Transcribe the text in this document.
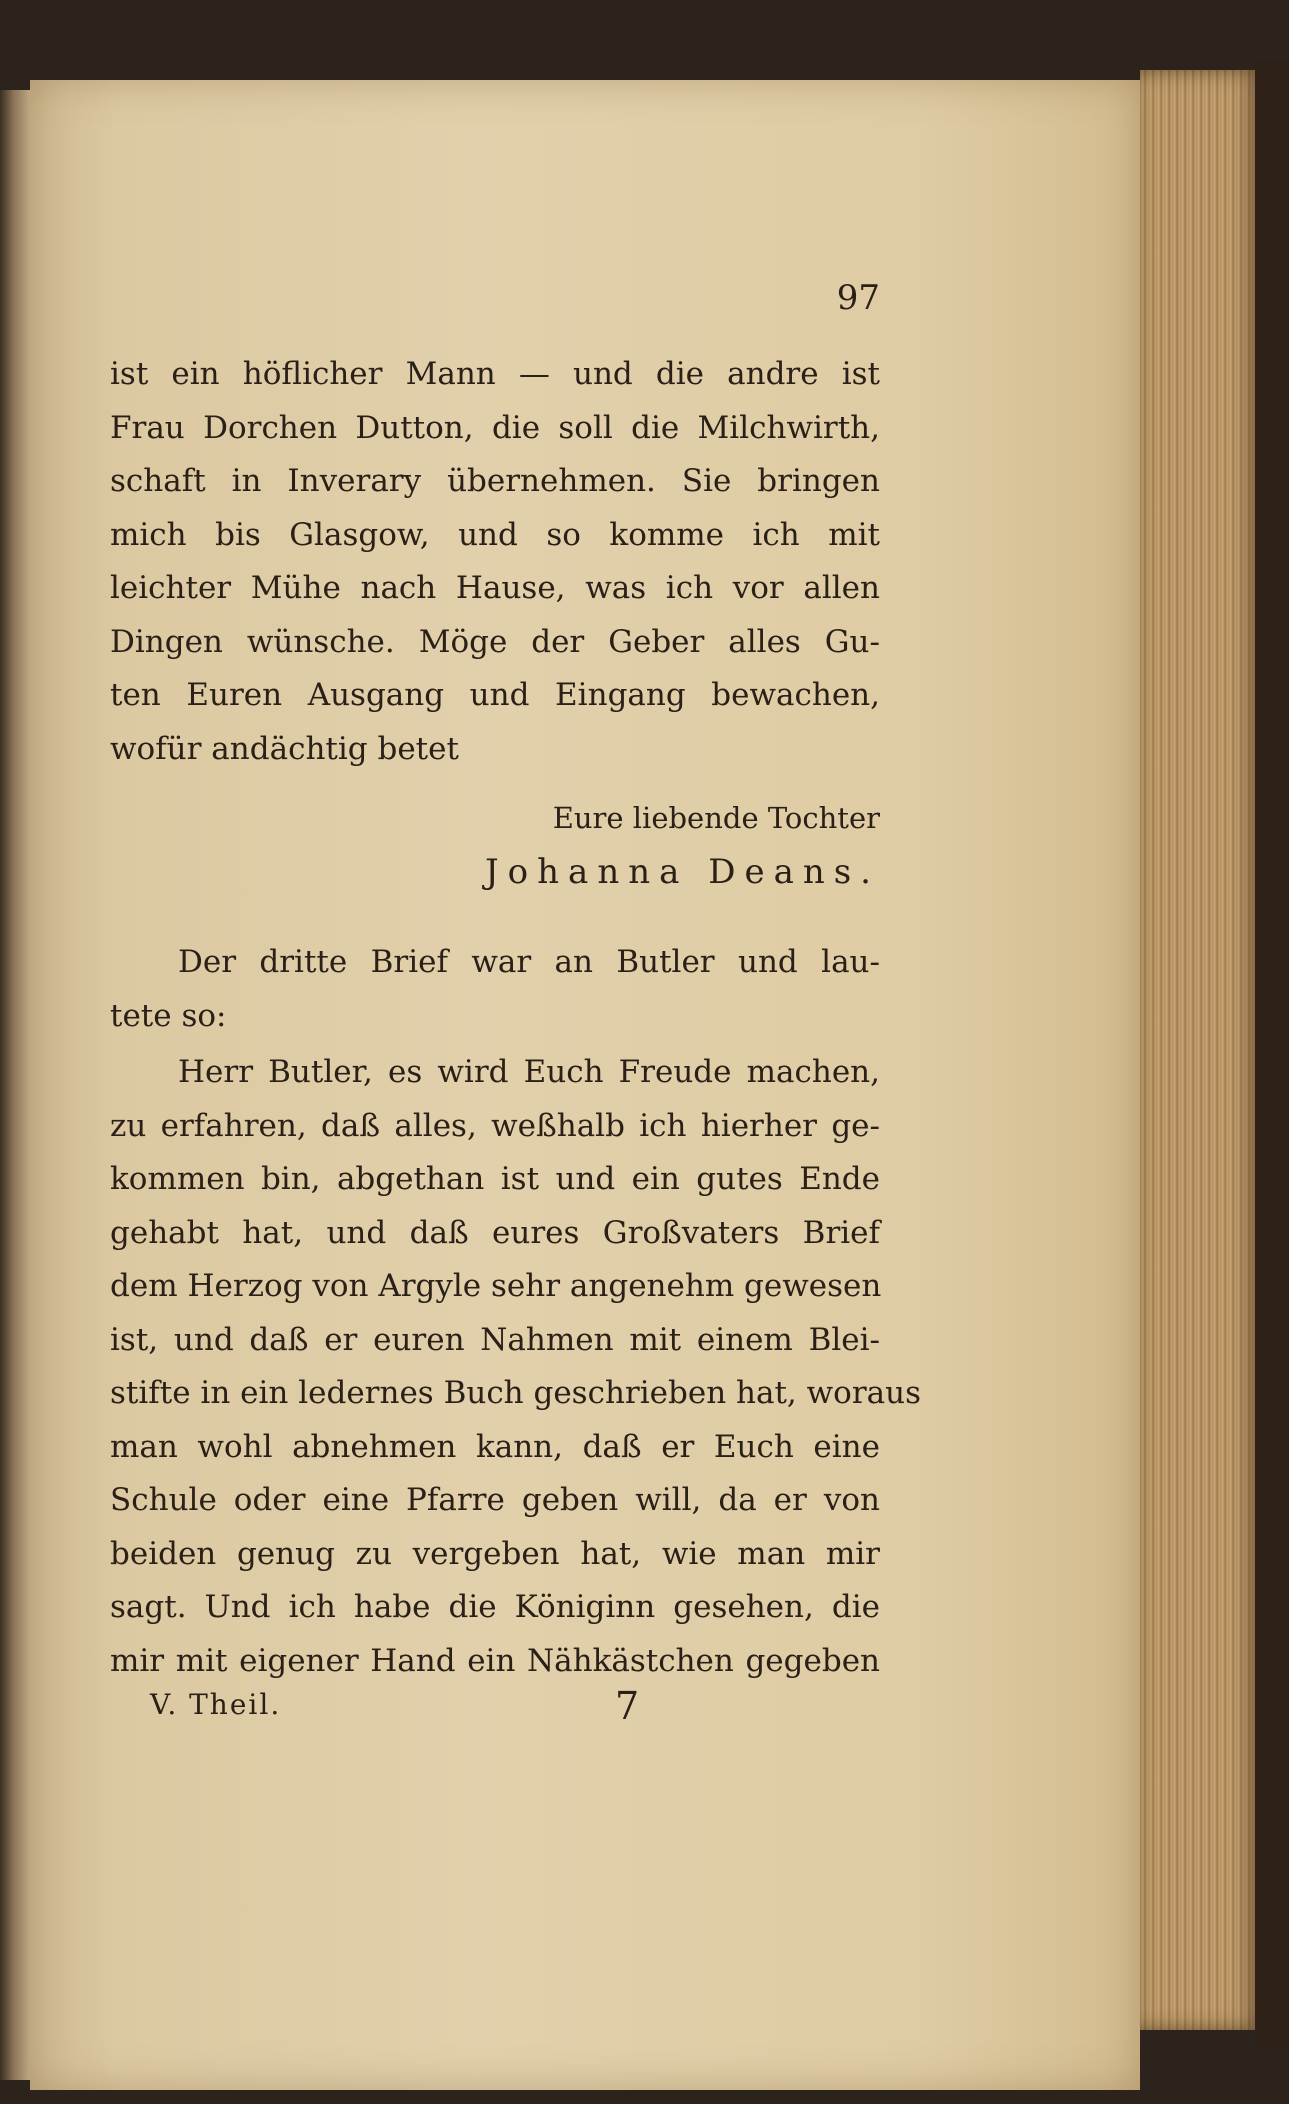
97
ist ein höflicher Mann — und die andre ist
Frau Dorchen Dutton, die soll die Milchwirth,
schaft in Inverary übernehmen. Sie bringen
mich bis Glasgow, und so komme ich mit
leichter Mühe nach Hause, was ich vor allen
Dingen wünsche. Möge der Geber alles Gu-
ten Euren Ausgang und Eingang bewachen,
wofür andächtig betet
Eure liebende Tochter
Johanna Deans.
Der dritte Brief war an Butler und lau-
tete so:
Herr Butler, es wird Euch Freude machen,
zu erfahren, daß alles, weßhalb ich hierher ge-
kommen bin, abgethan ist und ein gutes Ende
gehabt hat, und daß eures Großvaters Brief
dem Herzog von Argyle sehr angenehm gewesen
ist, und daß er euren Nahmen mit einem Blei-
stifte in ein ledernes Buch geschrieben hat, woraus
man wohl abnehmen kann, daß er Euch eine
Schule oder eine Pfarre geben will, da er von
beiden genug zu vergeben hat, wie man mir
sagt. Und ich habe die Königinn gesehen, die
mir mit eigener Hand ein Nähkästchen gegeben
V. Theil.	7
